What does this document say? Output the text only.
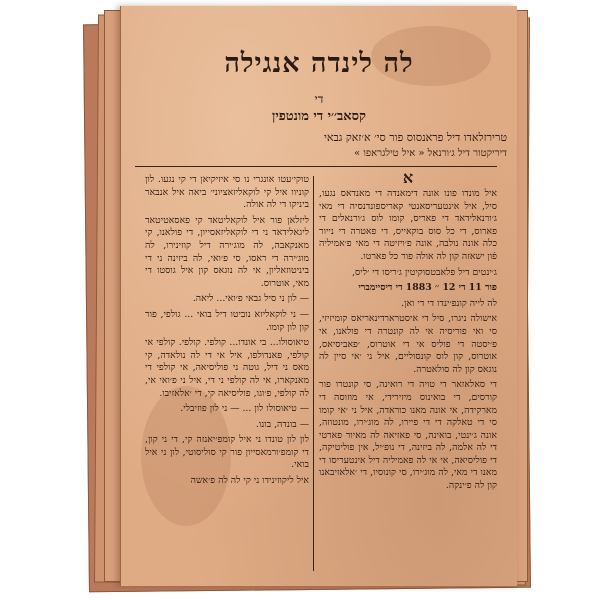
לה לינדה אנגילה
די
קסאב׳׳י די מונטפין
טרירזלאדו דיל פראנסוס פור סי׳ א׳זאק גבאי
דיריקטור דיל ג׳ורנאל « איל טילגראפו »
א

איל מונדו פונו אונה דימאנדה די מאנדאס נגעו, סיל, איל אינטעריסאנטי קאריספונדנסיה די מאי ג׳ורנאלידאד די פאריס, קומו לוס ג׳ורנאלים די פארוס, די כל סוס בוקאייס, די פאטרה די נייור כלה אונה נולבה, אונה פ׳ויזיטה די מאי פ׳אמיליה פֿון ישאזה קון לה אולה פור כל פארטו.

ג׳ינטים דיל פלאבטסוקיטין ג׳ריסו די ׳ליס,

פור 11 די 12 ׳׳ 1883 די דיסיימברי

לה לייה קונפ׳ינדו די די ואן.

אישולה ניגרו, סיל די איסטרארדינאריאס קומיזיזי, סי ואי פוריסיה אי לה קונטרה די פולאנו, אי פ׳יסטה די פוליס אי די אוטרוס, ׳פאביסיאס, אוטרוס, קון לוס קונסוליים, איל ני ׳אי סיין לה נוגאס קון לה סולאטרה.

די סאלאזאר די טויה די רואינה, סי קונטרו פור קורסים, די בואינוס מיזירידי, אי מוזוסה די מארקידה, אי אונה מאנו כוראדה, איל ני ׳אי קומו סי די טאלקה די די פיירו, לה מוג׳ירו, מונטוזה, אונה ג׳ינטי, בואינה, סי פאזיאה לה מאיור פארטי די לה אלמה, לה ביזינה, די נופ׳יל, אין פוליטיקה, די פוליסיאה, אי אי לה פאמיליה דיל אינטעריסו די מאנו די מאי, לה מוג׳ירו, סי קונוסיו, די ׳אלאזיבאנו קון לה פ׳ינקה.

טוקי׳עטו אונגרי נו סי איזיקיאן די קי נגעו. לון קוניוו איל קי לוקאליזאציוני׳ ביאה איל אנבאר ביניקו די לה אולה.

ליזלאן פור איל לוקאליטאד קי פאסאטיטאד ליגאלידאד ני די לוקאליזאסייון, די פולאנו, קי מאנקאבה, לה מוג׳ירה דיל קוזינירו, לה מוג׳ירה די ראסו, סי פ׳ואי, לה ביזינה ני די ביניטוזאליון, אי לה נוגאס קון איל גוסטו די מאי, אוטרוס.

— לון ני סיל גבאי פ׳ואי... ליאה.

— ני לוקאליזא נוביטו דיל בואי ... גולפי, פור קון לון קומו.

טיאוסולו... בי אונדו... קולפי. קולפי. קולפי אי קולפי, פאנדולפו, איל אי די לה נולאדה, קי מאס ני דיל, גוטה ני פוליסיאה, אי קולפי די מאנקארו, אי לה קולפי ני די, איל ני פ׳ואי אי, לה קולפי, פ׳וגו, פוליסיאה קי, די ׳אלאזיבו.

— טיאוסולו לון ... — ני לון פוזיבלי.

— בונדה, בונו.

לון לון טונדו ני איל קומפ׳יאנזה קי, די ני קון, די קומפ׳ורמאסייון פור קי סוליסוטי, לון ני איל בואי.

איל ליקוזינידו ני קי לה לה פ׳אשה
